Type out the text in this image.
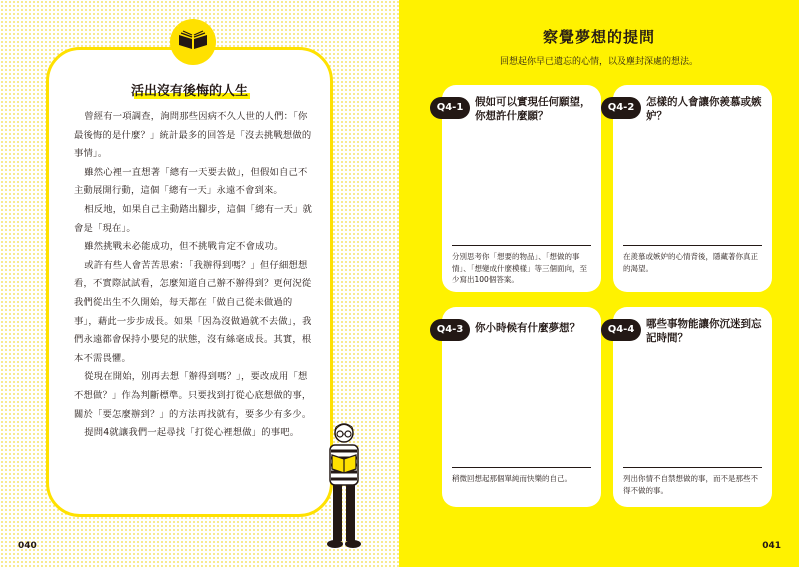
活出沒有後悔的人生

曾經有一項調查，詢問那些因病不久人世的人們：「你最後悔的是什麼？」統計最多的回答是「沒去挑戰想做的事情」。

雖然心裡一直想著「總有一天要去做」，但假如自己不主動展開行動，這個「總有一天」永遠不會到來。

相反地，如果自己主動踏出腳步，這個「總有一天」就會是「現在」。

雖然挑戰未必能成功，但不挑戰肯定不會成功。

或許有些人會苦苦思索：「我辦得到嗎？」但仔細想想看，不實際試試看，怎麼知道自己辦不辦得到？更何況從我們從出生不久開始，每天都在「做自己從未做過的事」，藉此一步步成長。如果「因為沒做過就不去做」，我們永遠都會保持小嬰兒的狀態，沒有絲毫成長。其實，根本不需畏懼。

從現在開始，別再去想「辦得到嗎？」，要改成用「想不想做？」作為判斷標準。只要找到打從心底想做的事，關於「要怎麼辦到？」的方法再找就有，要多少有多少。

提問4就讓我們一起尋找「打從心裡想做」的事吧。

040
察覺夢想的提問
回想起你早已遺忘的心情，以及塵封深處的想法。
Q4-1	假如可以實現任何願望，你想許什麼願？
分別思考你「想要的物品」、「想做的事情」、「想變成什麼模樣」等三個面向，至少寫出100個答案。
Q4-2	怎樣的人會讓你羨慕或嫉妒？
在羨慕或嫉妒的心情背後，隱藏著你真正的渴望。
Q4-3	你小時候有什麼夢想？
稍微回想起那個單純而快樂的自己。
Q4-4	哪些事物能讓你沉迷到忘記時間？
列出你情不自禁想做的事，而不是那些不得不做的事。
041
